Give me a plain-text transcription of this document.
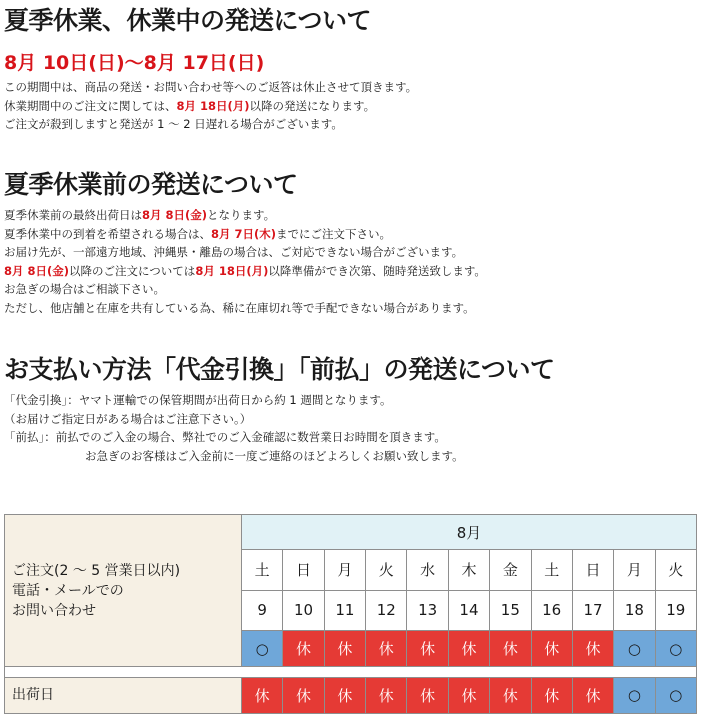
夏季休業、休業中の発送について
8月 10日(日)～8月 17日(日)
この期間中は、商品の発送・お問い合わせ等へのご返答は休止させて頂きます。
休業期間中のご注文に関しては、8月 18日(月)以降の発送になります。
ご注文が殺到しますと発送が 1 ～ 2 日遅れる場合がございます。
夏季休業前の発送について
夏季休業前の最終出荷日は8月 8日(金)となります。
夏季休業中の到着を希望される場合は、8月 7日(木)までにご注文下さい。
お届け先が、一部遠方地域、沖縄県・離島の場合は、ご対応できない場合がございます。
8月 8日(金)以降のご注文については8月 18日(月)以降準備ができ次第、随時発送致します。
お急ぎの場合はご相談下さい。
ただし、他店舗と在庫を共有している為、稀に在庫切れ等で手配できない場合があります。
お支払い方法「代金引換」「前払」の発送について
「代金引換」：ヤマト運輸での保管期間が出荷日から約 1 週間となります。
（お届けご指定日がある場合はご注意下さい。）
「前払」：前払でのご入金の場合、弊社でのご入金確認に数営業日お時間を頂きます。
お急ぎのお客様はご入金前に一度ご連絡のほどよろしくお願い致します。
ご注文(2 ～ 5 営業日以内)
電話・メールでの
お問い合わせ	8月										
	土	日	月	火	水	木	金	土	日	月	火
	9	10	11	12	13	14	15	16	17	18	19
	○	休	休	休	休	休	休	休	休	○	○

出荷日	休	休	休	休	休	休	休	休	休	○	○
